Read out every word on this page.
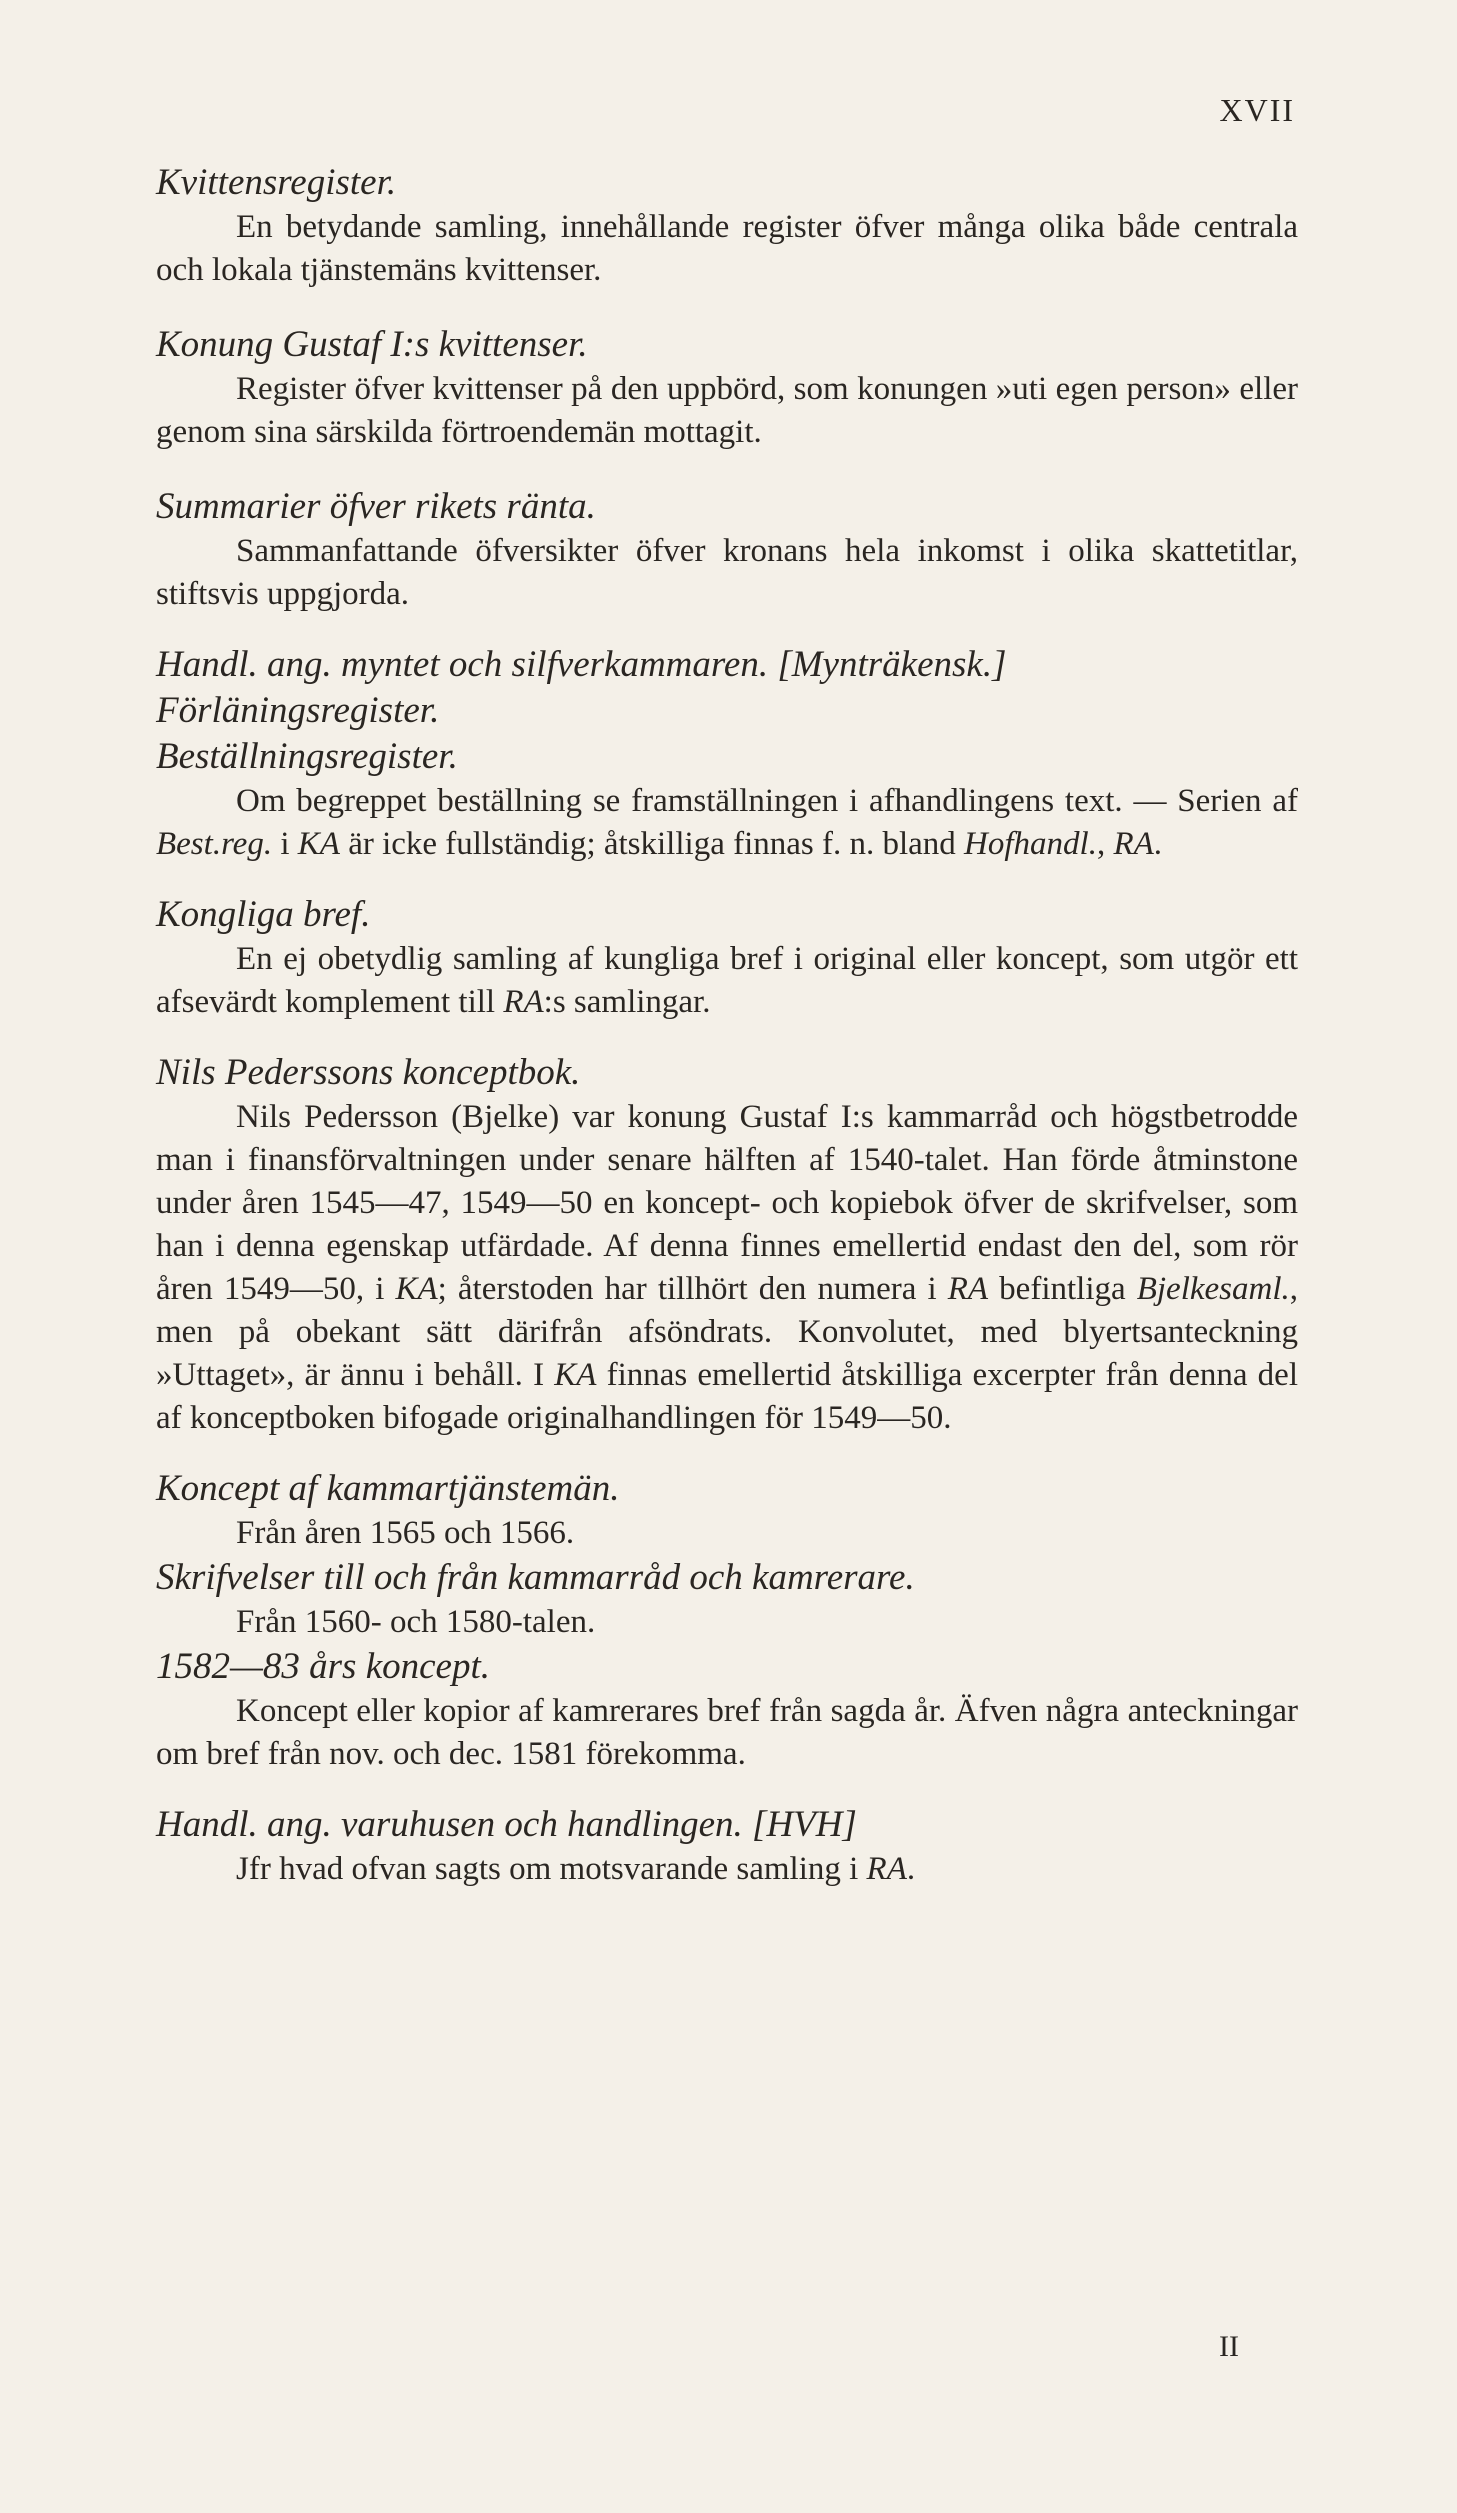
XVII

Kvittensregister.

En betydande samling, innehållande register öfver många olika både centrala och lokala tjänstemäns kvittenser.

Konung Gustaf I:s kvittenser.

Register öfver kvittenser på den uppbörd, som konungen »uti egen person» eller genom sina särskilda förtroendemän mottagit.

Summarier öfver rikets ränta.

Sammanfattande öfversikter öfver kronans hela inkomst i olika skattetitlar, stiftsvis uppgjorda.

Handl. ang. myntet och silfverkammaren. [Mynträkensk.]

Förläningsregister.

Beställningsregister.

Om begreppet beställning se framställningen i afhandlingens text. — Serien af Best.reg. i KA är icke fullständig; åtskilliga finnas f. n. bland Hofhandl., RA.

Kongliga bref.

En ej obetydlig samling af kungliga bref i original eller koncept, som utgör ett afsevärdt komplement till RA:s samlingar.

Nils Pederssons konceptbok.

Nils Pedersson (Bjelke) var konung Gustaf I:s kammarråd och högstbetrodde man i finansförvaltningen under senare hälften af 1540-talet. Han förde åtminstone under åren 1545—47, 1549—50 en koncept- och kopiebok öfver de skrifvelser, som han i denna egenskap utfärdade. Af denna finnes emellertid endast den del, som rör åren 1549—50, i KA; återstoden har tillhört den numera i RA befintliga Bjelkesaml., men på obekant sätt därifrån afsöndrats. Konvolutet, med blyertsanteckning »Uttaget», är ännu i behåll. I KA finnas emellertid åtskilliga excerpter från denna del af konceptboken bifogade originalhandlingen för 1549—50.

Koncept af kammartjänstemän.

Från åren 1565 och 1566.

Skrifvelser till och från kammarråd och kamrerare.

Från 1560- och 1580-talen.

1582—83 års koncept.

Koncept eller kopior af kamrerares bref från sagda år. Äfven några anteckningar om bref från nov. och dec. 1581 förekomma.

Handl. ang. varuhusen och handlingen. [HVH]

Jfr hvad ofvan sagts om motsvarande samling i RA.

II
